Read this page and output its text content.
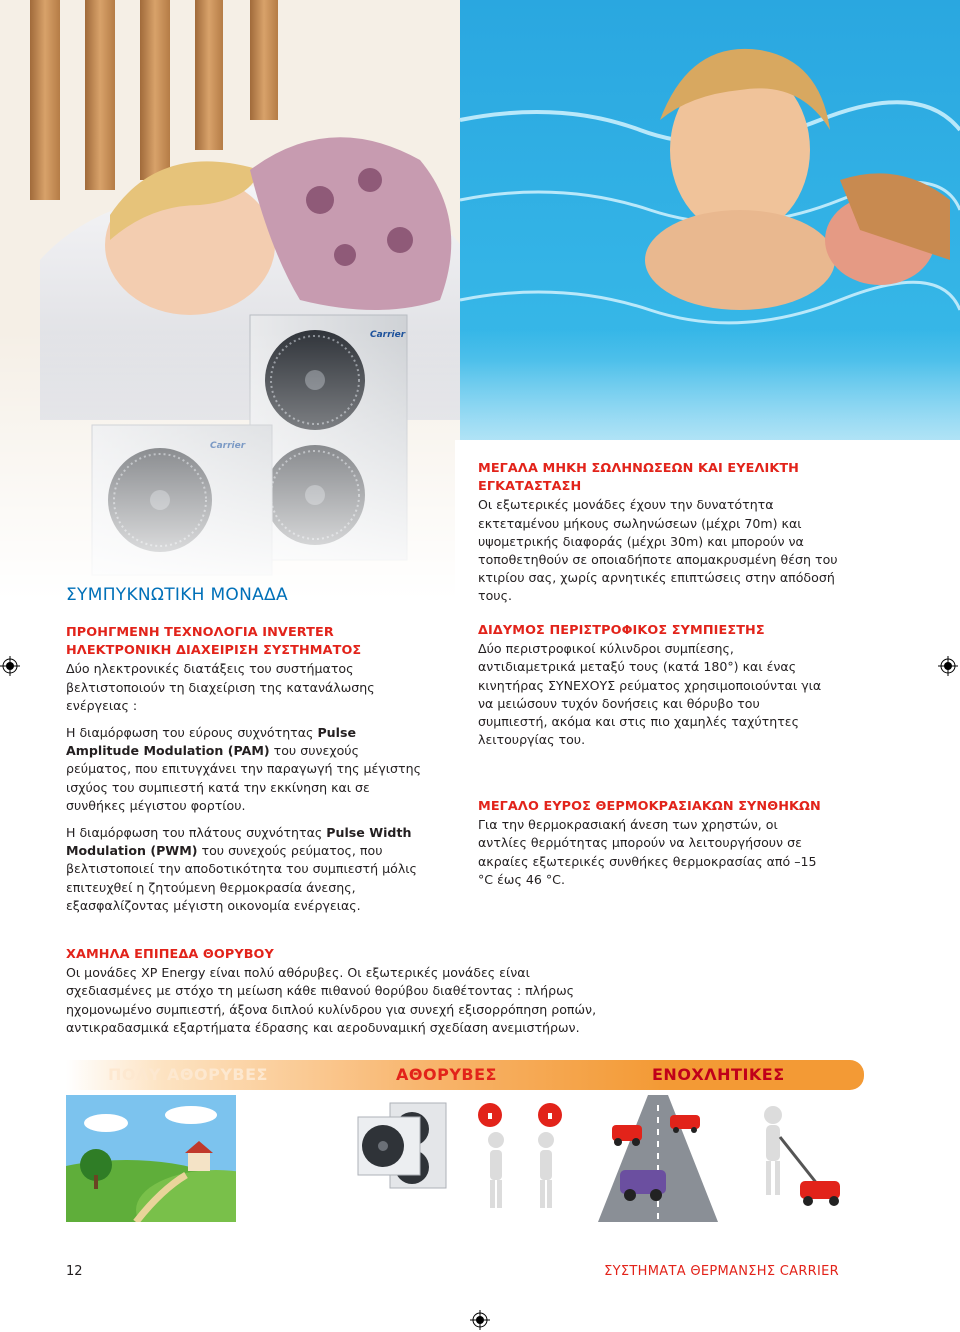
ΣΥΜΠΥΚΝΩΤΙΚΗ ΜΟΝΑΔΑ

ΠΡΟΗΓΜΕΝΗ ΤΕΧΝΟΛΟΓΙΑ INVERTER ΗΛΕΚΤΡΟΝΙΚΗ ΔΙΑΧΕΙΡΙΣΗ ΣΥΣΤΗΜΑΤΟΣ

Δύο ηλεκτρονικές διατάξεις του συστήματος βελτιστοποιούν τη διαχείριση της κατανάλωσης ενέργειας :

Η διαμόρφωση του εύρους συχνότητας Pulse Amplitude Modulation (PAM) του συνεχούς ρεύματος, που επιτυγχάνει την παραγωγή της μέγιστης ισχύος του συμπιεστή κατά την εκκίνηση και σε συνθήκες μέγιστου φορτίου.

Η διαμόρφωση του πλάτους συχνότητας Pulse Width Modulation (PWM) του συνεχούς ρεύματος, που βελτιστοποιεί την αποδοτικότητα του συμπιεστή μόλις επιτευχθεί η ζητούμενη θερμοκρασία άνεσης, εξασφαλίζοντας μέγιστη οικονομία ενέργειας.

ΜΕΓΑΛΑ ΜΗΚΗ ΣΩΛΗΝΩΣΕΩΝ ΚΑΙ ΕΥΕΛΙΚΤΗ ΕΓΚΑΤΑΣΤΑΣΗ

Οι εξωτερικές μονάδες έχουν την δυνατότητα εκτεταμένου μήκους σωληνώσεων (μέχρι 70m) και υψομετρικής διαφοράς (μέχρι 30m) και μπορούν να τοποθετηθούν σε οποιαδήποτε απομακρυσμένη θέση του κτιρίου σας, χωρίς αρνητικές επιπτώσεις στην απόδοσή τους.

ΔΙΔΥΜΟΣ ΠΕΡΙΣΤΡΟΦΙΚΟΣ ΣΥΜΠΙΕΣΤΗΣ

Δύο περιστροφικοί κύλινδροι συμπίεσης, αντιδιαμετρικά μεταξύ τους (κατά 180°) και ένας κινητήρας ΣΥΝΕΧΟΥΣ ρεύματος χρησιμοποιούνται για να μειώσουν τυχόν δονήσεις και θόρυβο του συμπιεστή, ακόμα και στις πιο χαμηλές ταχύτητες λειτουργίας του.

ΜΕΓΑΛΟ ΕΥΡΟΣ ΘΕΡΜΟΚΡΑΣΙΑΚΩΝ ΣΥΝΘΗΚΩΝ

Για την θερμοκρασιακή άνεση των χρηστών, οι αντλίες θερμότητας μπορούν να λειτουργήσουν σε ακραίες εξωτερικές συνθήκες θερμοκρασίας από –15 °C έως 46 °C.

ΧΑΜΗΛΑ ΕΠΙΠΕΔΑ ΘΟΡΥΒΟΥ

Οι μονάδες XP Energy είναι πολύ αθόρυβες. Οι εξωτερικές μονάδες είναι σχεδιασμένες με στόχο τη μείωση κάθε πιθανού θορύβου διαθέτοντας : πλήρως ηχομονωμένο συμπιεστή, άξονα διπλού κυλίνδρου για συνεχή εξισορρόπηση ροπών, αντικραδασμικά εξαρτήματα έδρασης και αεροδυναμική σχεδίαση ανεμιστήρων.

ΠΟΛΥ ΑΘΟΡΥΒΕΣ	ΑΘΟΡΥΒΕΣ	ΕΝΟΧΛΗΤΙΚΕΣ
12	ΣΥΣΤΗΜΑΤΑ ΘΕΡΜΑΝΣΗΣ CARRIER
